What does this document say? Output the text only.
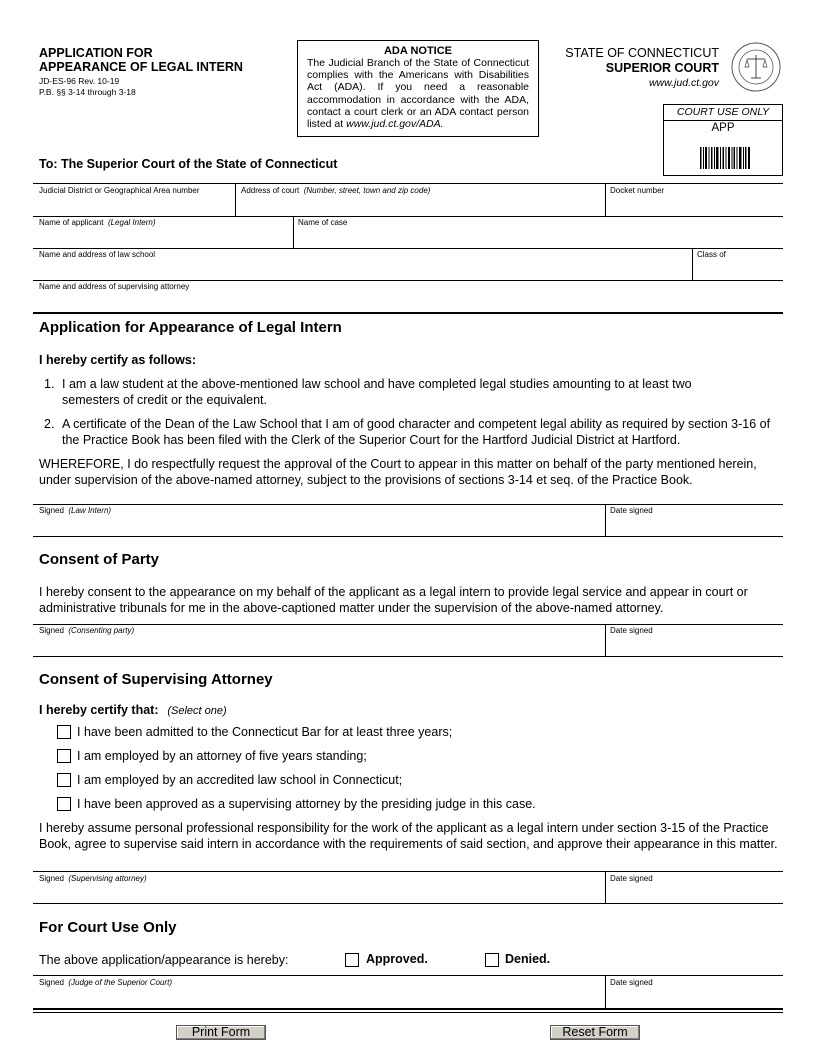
APPLICATION FOR
APPEARANCE OF LEGAL INTERN
JD-ES-96 Rev. 10-19
P.B. §§ 3-14 through 3-18
ADA NOTICE
The Judicial Branch of the State of Connecticut complies with the Americans with Disabilities Act (ADA). If you need a reasonable accommodation in accordance with the ADA, contact a court clerk or an ADA contact person listed at www.jud.ct.gov/ADA.
STATE OF CONNECTICUT
SUPERIOR COURT
www.jud.ct.gov
COURT USE ONLY
APP
To: The Superior Court of the State of Connecticut
Judicial District or Geographical Area number	Address of court (Number, street, town and zip code)	Docket number
Name of applicant (Legal Intern)	Name of case
Name and address of law school	Class of
Name and address of supervising attorney
Application for Appearance of Legal Intern
I hereby certify as follows:
1. I am a law student at the above-mentioned law school and have completed legal studies amounting to at least two semesters of credit or the equivalent.
2. A certificate of the Dean of the Law School that I am of good character and competent legal ability as required by section 3-16 of the Practice Book has been filed with the Clerk of the Superior Court for the Hartford Judicial District at Hartford.
WHEREFORE, I do respectfully request the approval of the Court to appear in this matter on behalf of the party mentioned herein, under supervision of the above-named attorney, subject to the provisions of sections 3-14 et seq. of the Practice Book.
Signed (Law Intern)	Date signed
Consent of Party
I hereby consent to the appearance on my behalf of the applicant as a legal intern to provide legal service and appear in court or administrative tribunals for me in the above-captioned matter under the supervision of the above-named attorney.
Signed (Consenting party)	Date signed
Consent of Supervising Attorney
I hereby certify that: (Select one)
I have been admitted to the Connecticut Bar for at least three years;
I am employed by an attorney of five years standing;
I am employed by an accredited law school in Connecticut;
I have been approved as a supervising attorney by the presiding judge in this case.
I hereby assume personal professional responsibility for the work of the applicant as a legal intern under section 3-15 of the Practice Book, agree to supervise said intern in accordance with the requirements of said section, and approve their appearance in this matter.
Signed (Supervising attorney)	Date signed
For Court Use Only
The above application/appearance is hereby:	Approved.	Denied.
Signed (Judge of the Superior Court)	Date signed
Print Form	Reset Form
